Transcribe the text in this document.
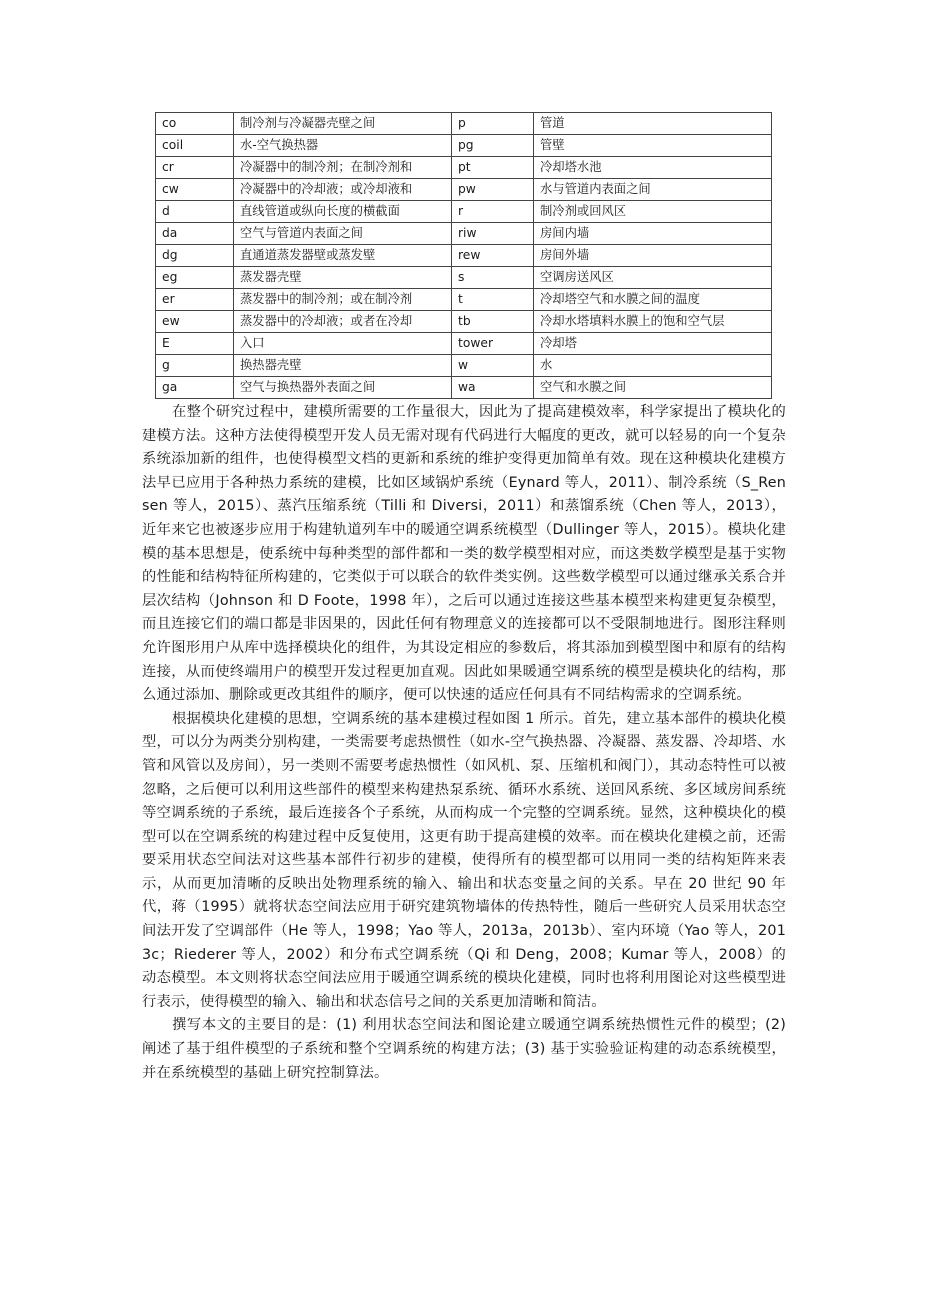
co	制冷剂与冷凝器壳壁之间	p	管道
coil	水-空气换热器	pg	管壁
cr	冷凝器中的制冷剂；在制冷剂和	pt	冷却塔水池
cw	冷凝器中的冷却液；或冷却液和	pw	水与管道内表面之间
d	直线管道或纵向长度的横截面	r	制冷剂或回风区
da	空气与管道内表面之间	riw	房间内墙
dg	直通道蒸发器壁或蒸发壁	rew	房间外墙
eg	蒸发器壳壁	s	空调房送风区
er	蒸发器中的制冷剂；或在制冷剂	t	冷却塔空气和水膜之间的温度
ew	蒸发器中的冷却液；或者在冷却	tb	冷却水塔填料水膜上的饱和空气层
E	入口	tower	冷却塔
g	换热器壳壁	w	水
ga	空气与换热器外表面之间	wa	空气和水膜之间

在整个研究过程中，建模所需要的工作量很大，因此为了提高建模效率，科学家提出了模块化的建模方法。这种方法使得模型开发人员无需对现有代码进行大幅度的更改，就可以轻易的向一个复杂系统添加新的组件，也使得模型文档的更新和系统的维护变得更加简单有效。现在这种模块化建模方法早已应用于各种热力系统的建模，比如区域锅炉系统（Eynard 等人，2011）、制冷系统（S_Rensen 等人，2015）、蒸汽压缩系统（Tilli 和 Diversi，2011）和蒸馏系统（Chen 等人，2013），近年来它也被逐步应用于构建轨道列车中的暖通空调系统模型（Dullinger 等人，2015）。模块化建模的基本思想是，使系统中每种类型的部件都和一类的数学模型相对应，而这类数学模型是基于实物的性能和结构特征所构建的，它类似于可以联合的软件类实例。这些数学模型可以通过继承关系合并层次结构（Johnson 和 D Foote，1998 年），之后可以通过连接这些基本模型来构建更复杂模型，而且连接它们的端口都是非因果的，因此任何有物理意义的连接都可以不受限制地进行。图形注释则允许图形用户从库中选择模块化的组件，为其设定相应的参数后，将其添加到模型图中和原有的结构连接，从而使终端用户的模型开发过程更加直观。因此如果暖通空调系统的模型是模块化的结构，那么通过添加、删除或更改其组件的顺序，便可以快速的适应任何具有不同结构需求的空调系统。

根据模块化建模的思想，空调系统的基本建模过程如图 1 所示。首先，建立基本部件的模块化模型，可以分为两类分别构建，一类需要考虑热惯性（如水-空气换热器、冷凝器、蒸发器、冷却塔、水管和风管以及房间），另一类则不需要考虑热惯性（如风机、泵、压缩机和阀门），其动态特性可以被忽略，之后便可以利用这些部件的模型来构建热泵系统、循环水系统、送回风系统、多区域房间系统等空调系统的子系统，最后连接各个子系统，从而构成一个完整的空调系统。显然，这种模块化的模型可以在空调系统的构建过程中反复使用，这更有助于提高建模的效率。而在模块化建模之前，还需要采用状态空间法对这些基本部件行初步的建模，使得所有的模型都可以用同一类的结构矩阵来表示，从而更加清晰的反映出处物理系统的输入、输出和状态变量之间的关系。早在 20 世纪 90 年代，蒋（1995）就将状态空间法应用于研究建筑物墙体的传热特性，随后一些研究人员采用状态空间法开发了空调部件（He 等人，1998；Yao 等人，2013a，2013b）、室内环境（Yao 等人，2013c；Riederer 等人，2002）和分布式空调系统（Qi 和 Deng，2008；Kumar 等人，2008）的动态模型。本文则将状态空间法应用于暖通空调系统的模块化建模，同时也将利用图论对这些模型进行表示，使得模型的输入、输出和状态信号之间的关系更加清晰和简洁。

撰写本文的主要目的是：(1) 利用状态空间法和图论建立暖通空调系统热惯性元件的模型；(2) 阐述了基于组件模型的子系统和整个空调系统的构建方法；(3) 基于实验验证构建的动态系统模型，并在系统模型的基础上研究控制算法。
